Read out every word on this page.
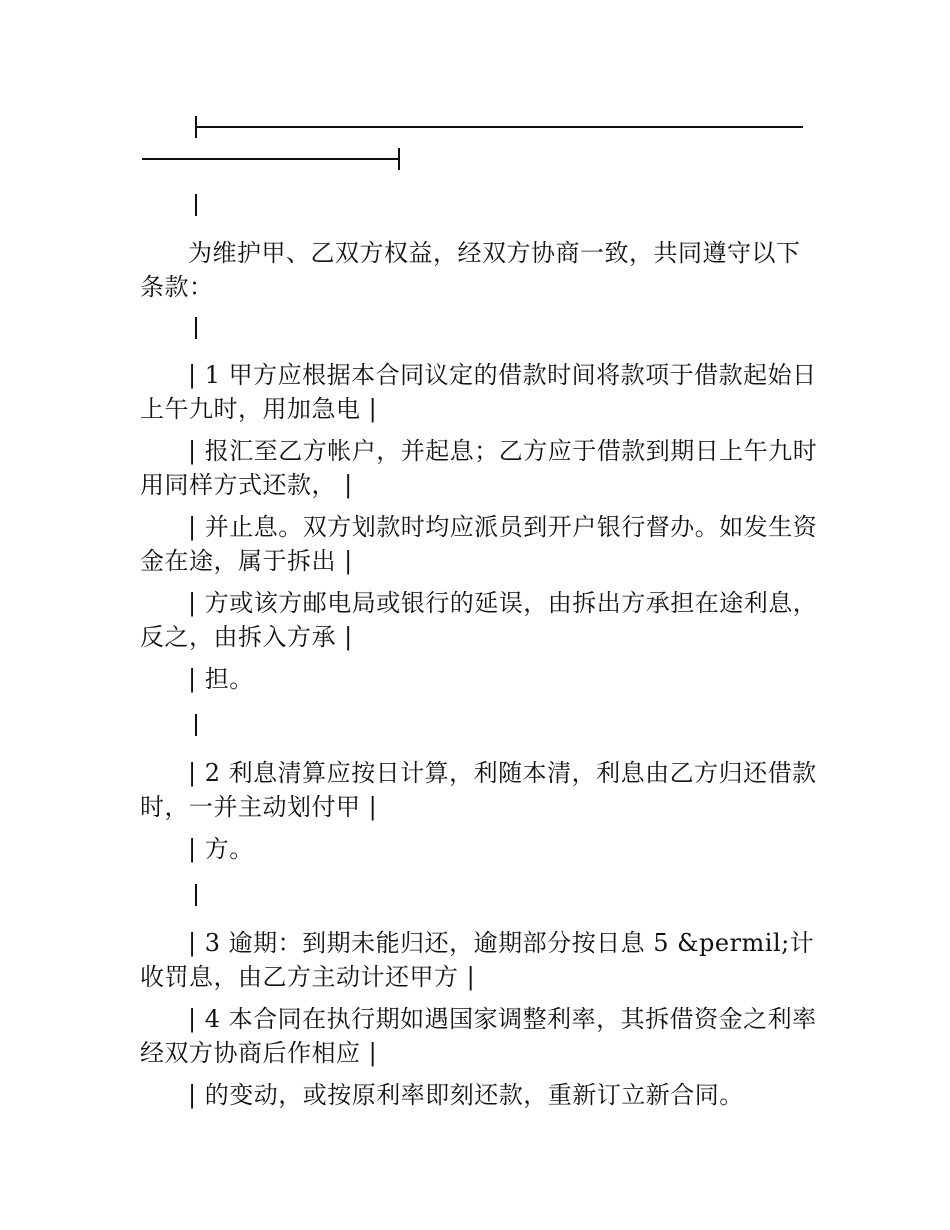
为维护甲、乙双方权益，经双方协商一致，共同遵守以下条款：

| 1 甲方应根据本合同议定的借款时间将款项于借款起始日上午九时，用加急电 |

| 报汇至乙方帐户，并起息；乙方应于借款到期日上午九时用同样方式还款， |

| 并止息。双方划款时均应派员到开户银行督办。如发生资金在途，属于拆出 |

| 方或该方邮电局或银行的延误，由拆出方承担在途利息，反之，由拆入方承 |

| 担。

| 2 利息清算应按日计算，利随本清，利息由乙方归还借款时，一并主动划付甲 |

| 方。

| 3 逾期：到期未能归还，逾期部分按日息 5 &permil;计收罚息，由乙方主动计还甲方 |

| 4 本合同在执行期如遇国家调整利率，其拆借资金之利率经双方协商后作相应 |

| 的变动，或按原利率即刻还款，重新订立新合同。
